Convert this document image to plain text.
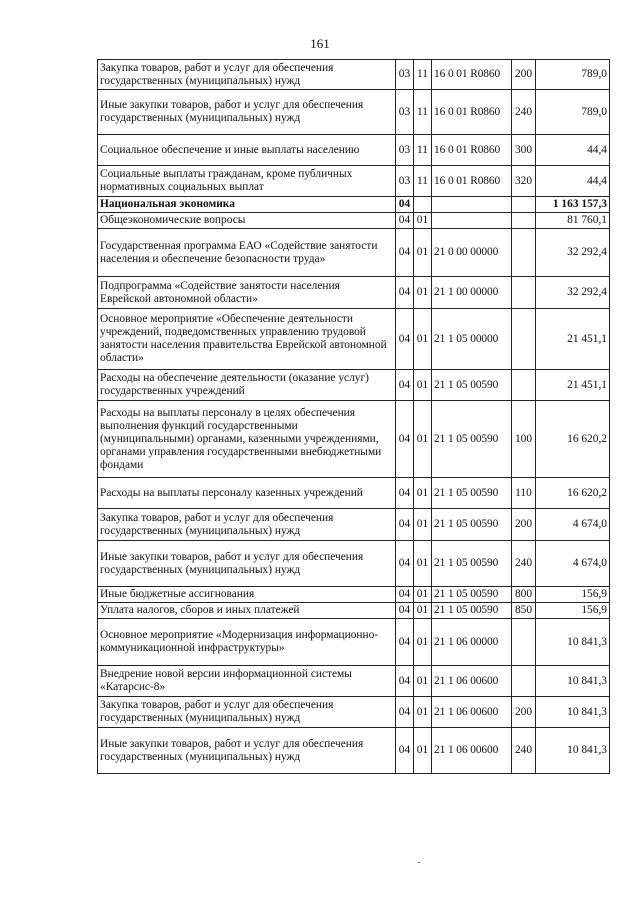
161
Закупка товаров, работ и услуг для обеспечения государственных (муниципальных) нужд	03	11	16 0 01 R0860	200	789,0
Иные закупки товаров, работ и услуг для обеспечения государственных (муниципальных) нужд	03	11	16 0 01 R0860	240	789,0
Социальное обеспечение и иные выплаты населению	03	11	16 0 01 R0860	300	44,4
Социальные выплаты гражданам, кроме публичных нормативных социальных выплат	03	11	16 0 01 R0860	320	44,4
Национальная экономика	04				1 163 157,3
Общеэкономические вопросы	04	01			81 760,1
Государственная программа ЕАО «Содействие занятости населения и обеспечение безопасности труда»	04	01	21 0 00 00000		32 292,4
Подпрограмма «Содействие занятости населения Еврейской автономной области»	04	01	21 1 00 00000		32 292,4
Основное мероприятие «Обеспечение деятельности учреждений, подведомственных управлению трудовой занятости населения правительства Еврейской автономной области»	04	01	21 1 05 00000		21 451,1
Расходы на обеспечение деятельности (оказание услуг) государственных учреждений	04	01	21 1 05 00590		21 451,1
Расходы на выплаты персоналу в целях обеспечения выполнения функций государственными (муниципальными) органами, казенными учреждениями, органами управления государственными внебюджетными фондами	04	01	21 1 05 00590	100	16 620,2
Расходы на выплаты персоналу казенных учреждений	04	01	21 1 05 00590	110	16 620,2
Закупка товаров, работ и услуг для обеспечения государственных (муниципальных) нужд	04	01	21 1 05 00590	200	4 674,0
Иные закупки товаров, работ и услуг для обеспечения государственных (муниципальных) нужд	04	01	21 1 05 00590	240	4 674,0
Иные бюджетные ассигнования	04	01	21 1 05 00590	800	156,9
Уплата налогов, сборов и иных платежей	04	01	21 1 05 00590	850	156,9
Основное мероприятие «Модернизация информационно-коммуникационной инфраструктуры»	04	01	21 1 06 00000		10 841,3
Внедрение новой версии информационной системы «Катарсис-8»	04	01	21 1 06 00600		10 841,3
Закупка товаров, работ и услуг для обеспечения государственных (муниципальных) нужд	04	01	21 1 06 00600	200	10 841,3
Иные закупки товаров, работ и услуг для обеспечения государственных (муниципальных) нужд	04	01	21 1 06 00600	240	10 841,3
